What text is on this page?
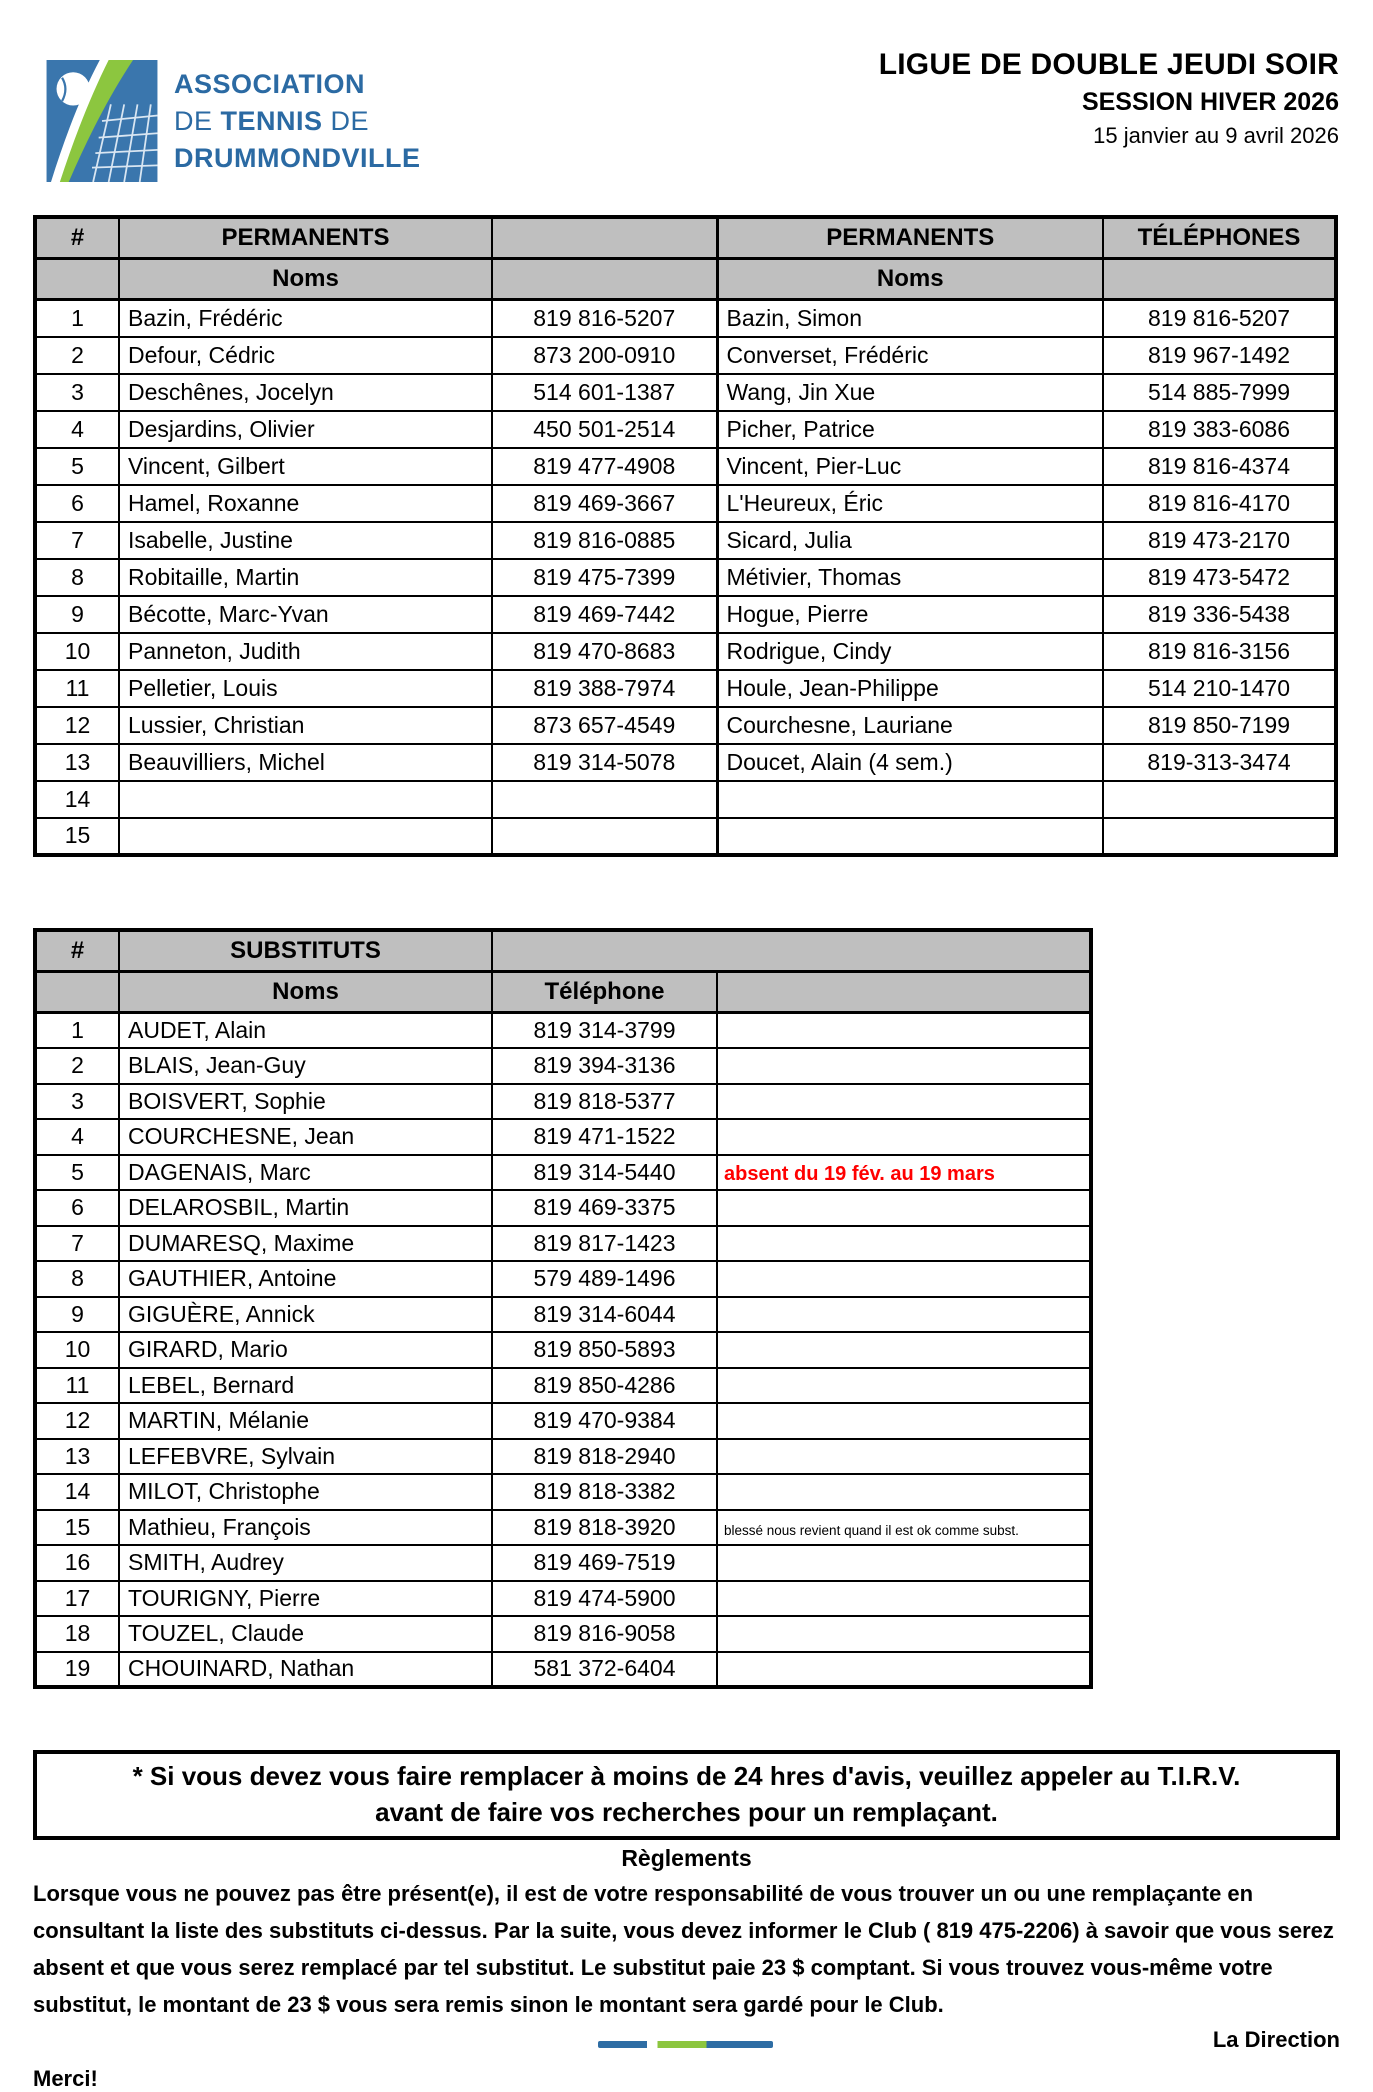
ASSOCIATION
DE TENNIS DE
DRUMMONDVILLE
LIGUE DE DOUBLE JEUDI SOIR
SESSION HIVER 2026
15 janvier au 9 avril 2026
#	PERMANENTS		PERMANENTS	TÉLÉPHONES
	Noms		Noms	
1	Bazin, Frédéric	819 816-5207	Bazin, Simon	819 816-5207
2	Defour, Cédric	873 200-0910	Converset, Frédéric	819 967-1492
3	Deschênes, Jocelyn	514 601-1387	Wang, Jin Xue	514 885-7999
4	Desjardins, Olivier	450 501-2514	Picher, Patrice	819 383-6086
5	Vincent, Gilbert	819 477-4908	Vincent, Pier-Luc	819 816-4374
6	Hamel, Roxanne	819 469-3667	L'Heureux, Éric	819 816-4170
7	Isabelle, Justine	819 816-0885	Sicard, Julia	819 473-2170
8	Robitaille, Martin	819 475-7399	Métivier, Thomas	819 473-5472
9	Bécotte, Marc-Yvan	819 469-7442	Hogue, Pierre	819 336-5438
10	Panneton, Judith	819 470-8683	Rodrigue, Cindy	819 816-3156
11	Pelletier, Louis	819 388-7974	Houle, Jean-Philippe	514 210-1470
12	Lussier, Christian	873 657-4549	Courchesne, Lauriane	819 850-7199
13	Beauvilliers, Michel	819 314-5078	Doucet, Alain (4 sem.)	819-313-3474
14				
15				
#	SUBSTITUTS		
	Noms	Téléphone	
1	AUDET, Alain	819 314-3799	
2	BLAIS, Jean-Guy	819 394-3136	
3	BOISVERT, Sophie	819 818-5377	
4	COURCHESNE, Jean	819 471-1522	
5	DAGENAIS, Marc	819 314-5440	absent du 19 fév. au 19 mars
6	DELAROSBIL, Martin	819 469-3375	
7	DUMARESQ, Maxime	819 817-1423	
8	GAUTHIER, Antoine	579 489-1496	
9	GIGUÈRE, Annick	819 314-6044	
10	GIRARD, Mario	819 850-5893	
11	LEBEL, Bernard	819 850-4286	
12	MARTIN, Mélanie	819 470-9384	
13	LEFEBVRE, Sylvain	819 818-2940	
14	MILOT, Christophe	819 818-3382	
15	Mathieu, François	819 818-3920	blessé nous revient quand il est ok comme subst.
16	SMITH, Audrey	819 469-7519	
17	TOURIGNY, Pierre	819 474-5900	
18	TOUZEL, Claude	819 816-9058	
19	CHOUINARD, Nathan	581 372-6404	
* Si vous devez vous faire remplacer à moins de 24 hres d'avis, veuillez appeler au T.I.R.V.
avant de faire vos recherches pour un remplaçant.
Règlements
Lorsque vous ne pouvez pas être présent(e), il est de votre responsabilité de vous trouver un ou une remplaçante en consultant la liste des substituts ci-dessus. Par la suite, vous devez informer le Club ( 819 475-2206) à savoir que vous serez absent et que vous serez remplacé par tel substitut. Le substitut paie 23 $ comptant. Si vous trouvez vous-même votre substitut, le montant de 23 $ vous sera remis sinon le montant sera gardé pour le Club.
La Direction
Merci!
